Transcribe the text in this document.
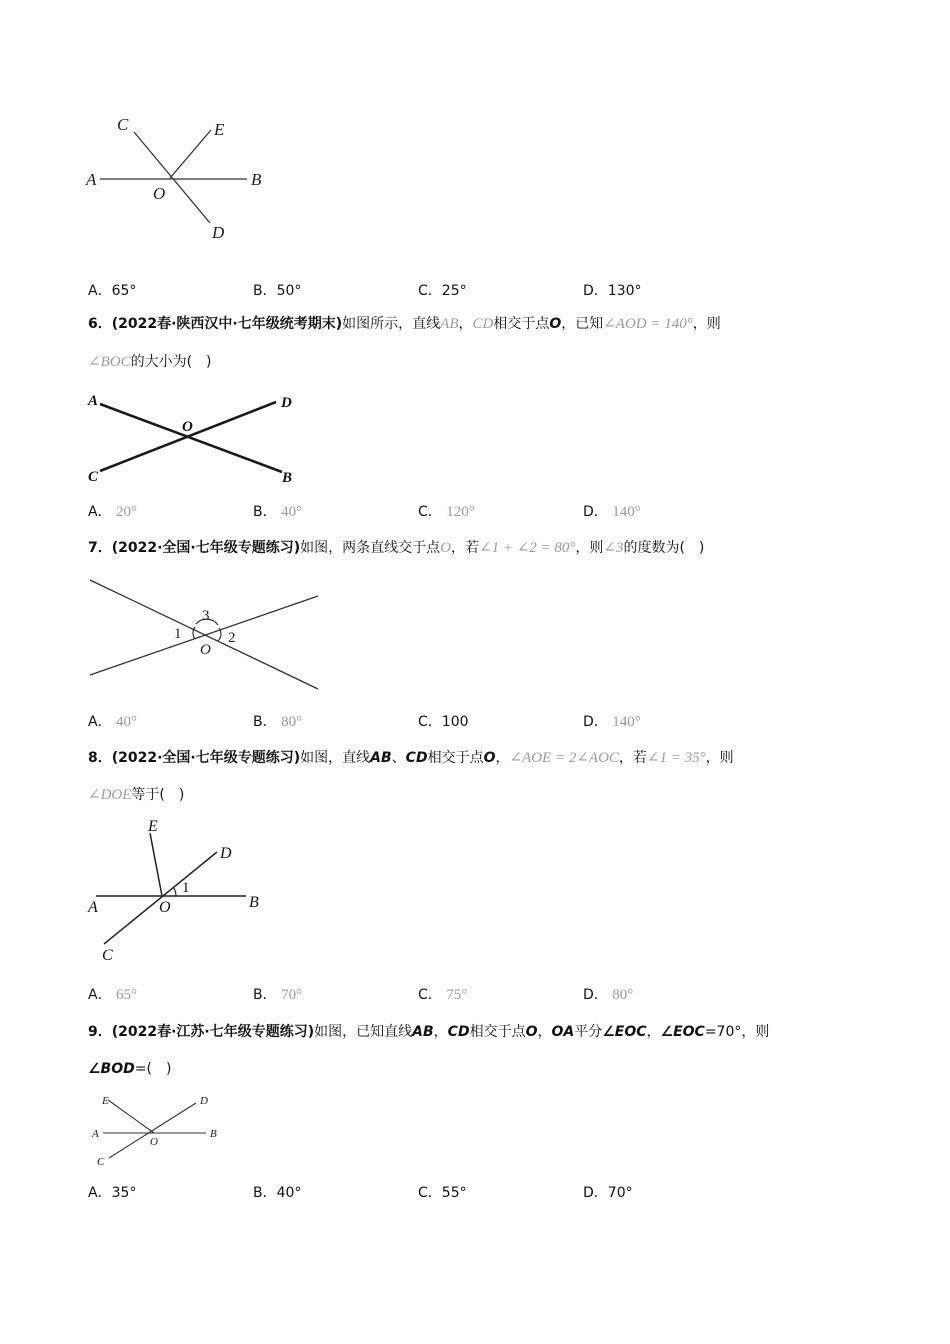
C	E
A	B
O
D
A．65°	B．50°	C．25°	D．130°
6．(2022春·陕西汉中·七年级统考期末)如图所示，直线AB，CD相交于点O，已知∠AOD = 140°，则
∠BOC的大小为(　)
A	D
O
C	B
A． 20°	B． 40°	C． 120°	D． 140°
7．(2022·全国·七年级专题练习)如图，两条直线交于点O，若∠1 + ∠2 = 80°，则∠3的度数为(　)
3
1	2
O
A． 40°	B． 80°	C．100	D． 140°
8．(2022·全国·七年级专题练习)如图，直线AB、CD相交于点O，∠AOE = 2∠AOC，若∠1 = 35°，则
∠DOE等于(　)
E
D
1
A	O	B
C
A． 65°	B． 70°	C． 75°	D． 80°
9．(2022春·江苏·七年级专题练习)如图，已知直线AB，CD相交于点O，OA平分∠EOC，∠EOC=70°，则
∠BOD=(　)
E	D
A
O
B
C
A．35°	B．40°	C．55°	D．70°
